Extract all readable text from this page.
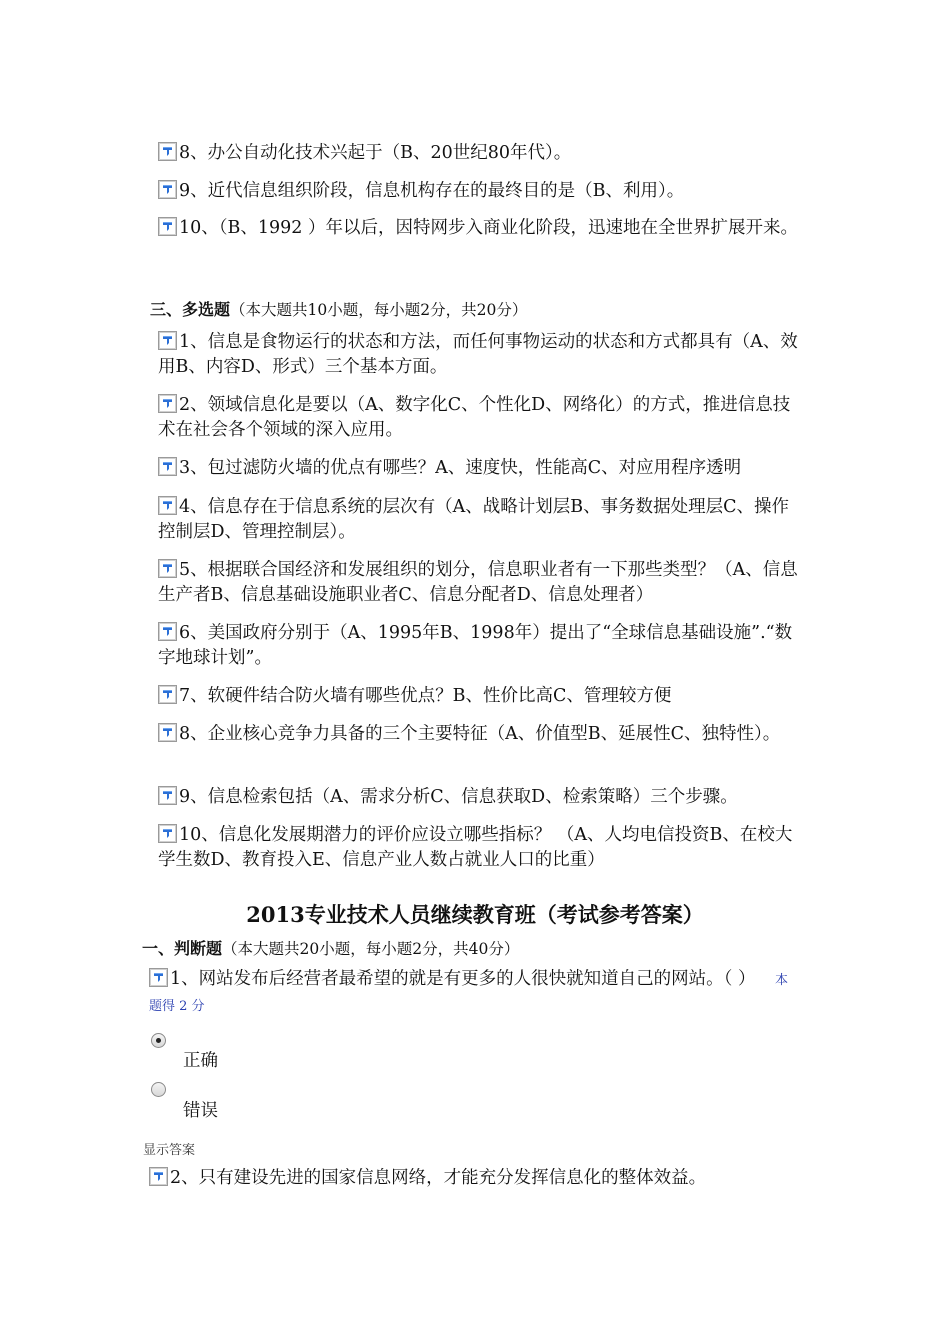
8、办公自动化技术兴起于（B、20世纪80年代）。
9、近代信息组织阶段，信息机构存在的最终目的是（B、利用）。
10、（B、1992 ）年以后，因特网步入商业化阶段，迅速地在全世界扩展开来。
三、多选题（本大题共10小题，每小题2分，共20分）
1、信息是食物运行的状态和方法，而任何事物运动的状态和方式都具有（A、效用B、内容D、形式）三个基本方面。
2、领域信息化是要以（A、数字化C、个性化D、网络化）的方式，推进信息技术在社会各个领域的深入应用。
3、包过滤防火墙的优点有哪些？A、速度快，性能高C、对应用程序透明
4、信息存在于信息系统的层次有（A、战略计划层B、事务数据处理层C、操作控制层D、管理控制层）。
5、根据联合国经济和发展组织的划分，信息职业者有一下那些类型？（A、信息生产者B、信息基础设施职业者C、信息分配者D、信息处理者）
6、美国政府分别于（A、1995年B、1998年）提出了“全球信息基础设施”.“数字地球计划”。
7、软硬件结合防火墙有哪些优点？B、性价比高C、管理较方便
8、企业核心竞争力具备的三个主要特征（A、价值型B、延展性C、独特性）。
9、信息检索包括（A、需求分析C、信息获取D、检索策略）三个步骤。
10、信息化发展期潜力的评价应设立哪些指标？ （A、人均电信投资B、在校大学生数D、教育投入E、信息产业人数占就业人口的比重）
2013专业技术人员继续教育班（考试参考答案）
一、判断题（本大题共20小题，每小题2分，共40分）
1、网站发布后经营者最希望的就是有更多的人很快就知道自己的网站。（ ） 本题得 2 分
正确
错误
显示答案
2、只有建设先进的国家信息网络，才能充分发挥信息化的整体效益。
